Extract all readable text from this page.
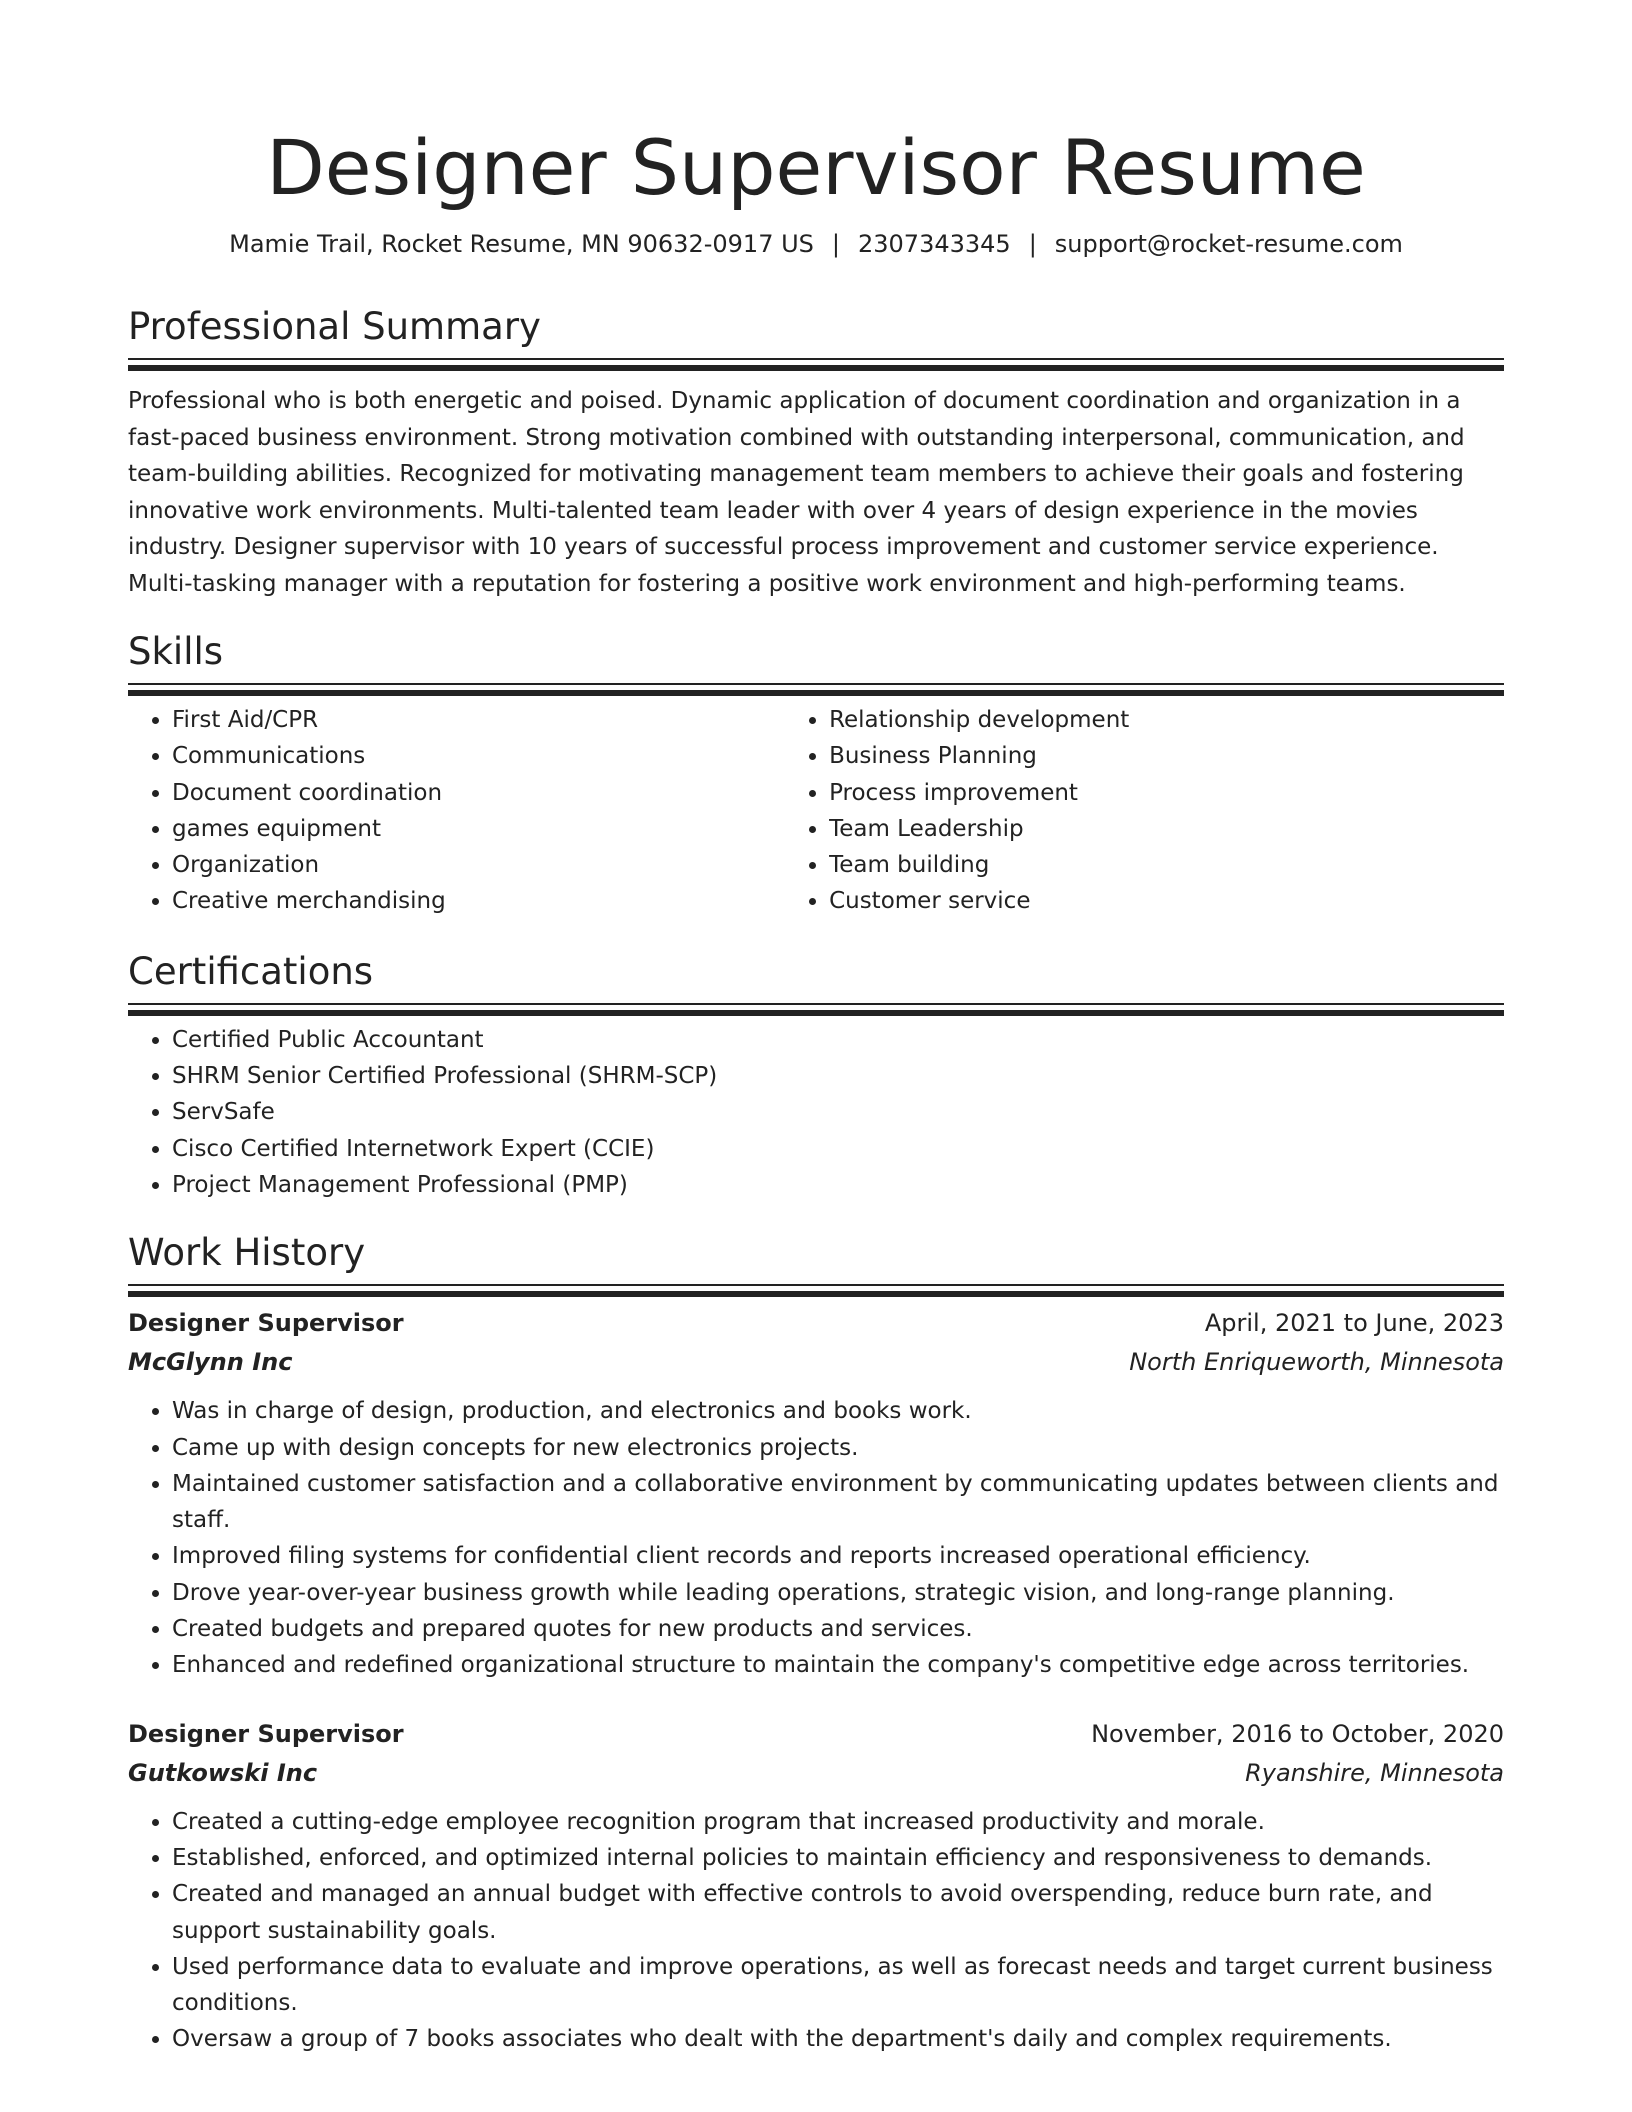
Designer Supervisor Resume
Mamie Trail, Rocket Resume, MN 90632-0917 US | 2307343345 | support@rocket-resume.com
Professional Summary

Professional who is both energetic and poised. Dynamic application of document coordination and organization in a fast-paced business environment. Strong motivation combined with outstanding interpersonal, communication, and team-building abilities. Recognized for motivating management team members to achieve their goals and fostering innovative work environments. Multi-talented team leader with over 4 years of design experience in the movies industry. Designer supervisor with 10 years of successful process improvement and customer service experience. Multi-tasking manager with a reputation for fostering a positive work environment and high-performing teams.

Skills
• First Aid/CPR
• Communications
• Document coordination
• games equipment
• Organization
• Creative merchandising
• Relationship development
• Business Planning
• Process improvement
• Team Leadership
• Team building
• Customer service
Certifications
• Certified Public Accountant
• SHRM Senior Certified Professional (SHRM-SCP)
• ServSafe
• Cisco Certified Internetwork Expert (CCIE)
• Project Management Professional (PMP)
Work History
Designer Supervisor	April, 2021 to June, 2023
McGlynn Inc	North Enriqueworth, Minnesota
• Was in charge of design, production, and electronics and books work.
• Came up with design concepts for new electronics projects.
• Maintained customer satisfaction and a collaborative environment by communicating updates between clients and staff.
• Improved filing systems for confidential client records and reports increased operational efficiency.
• Drove year-over-year business growth while leading operations, strategic vision, and long-range planning.
• Created budgets and prepared quotes for new products and services.
• Enhanced and redefined organizational structure to maintain the company's competitive edge across territories.
Designer Supervisor	November, 2016 to October, 2020
Gutkowski Inc	Ryanshire, Minnesota
• Created a cutting-edge employee recognition program that increased productivity and morale.
• Established, enforced, and optimized internal policies to maintain efficiency and responsiveness to demands.
• Created and managed an annual budget with effective controls to avoid overspending, reduce burn rate, and support sustainability goals.
• Used performance data to evaluate and improve operations, as well as forecast needs and target current business conditions.
• Oversaw a group of 7 books associates who dealt with the department's daily and complex requirements.
